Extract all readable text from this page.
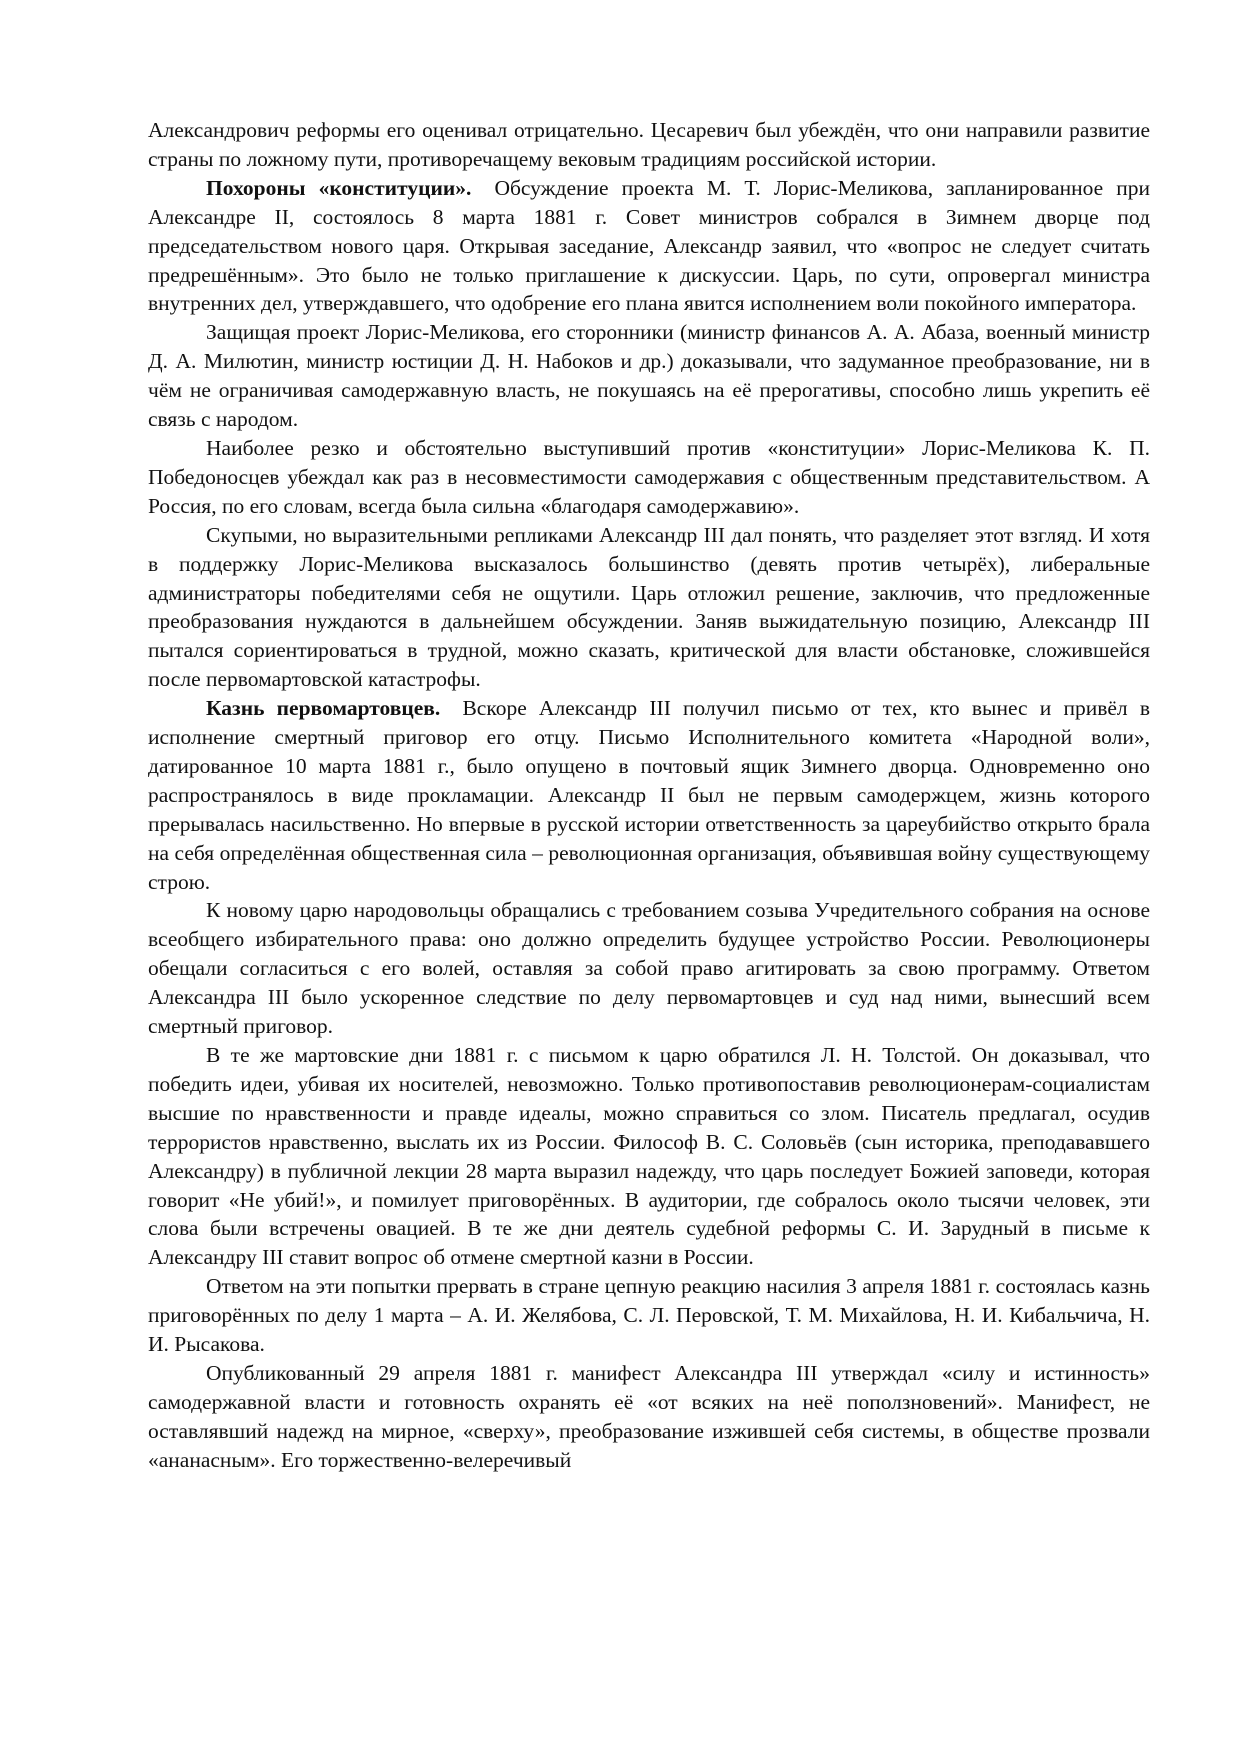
Александрович реформы его оценивал отрицательно. Цесаревич был убеждён, что они направили развитие страны по ложному пути, противоречащему вековым традициям российской истории.

Похороны «конституции». Обсуждение проекта М. Т. Лорис-Меликова, запланированное при Александре II, состоялось 8 марта 1881 г. Совет министров собрался в Зимнем дворце под председательством нового царя. Открывая заседание, Александр заявил, что «вопрос не следует считать предрешённым». Это было не только приглашение к дискуссии. Царь, по сути, опровергал министра внутренних дел, утверждавшего, что одобрение его плана явится исполнением воли покойного императора.

Защищая проект Лорис-Меликова, его сторонники (министр финансов А. А. Абаза, военный министр Д. А. Милютин, министр юстиции Д. Н. Набоков и др.) доказывали, что задуманное преобразование, ни в чём не ограничивая самодержавную власть, не покушаясь на её прерогативы, способно лишь укрепить её связь с народом.

Наиболее резко и обстоятельно выступивший против «конституции» Лорис-Меликова К. П. Победоносцев убеждал как раз в несовместимости самодержавия с общественным представительством. А Россия, по его словам, всегда была сильна «благодаря самодержавию».

Скупыми, но выразительными репликами Александр III дал понять, что разделяет этот взгляд. И хотя в поддержку Лорис-Меликова высказалось большинство (девять против четырёх), либеральные администраторы победителями себя не ощутили. Царь отложил решение, заключив, что предложенные преобразования нуждаются в дальнейшем обсуждении. Заняв выжидательную позицию, Александр III пытался сориентироваться в трудной, можно сказать, критической для власти обстановке, сложившейся после первомартовской катастрофы.

Казнь первомартовцев. Вскоре Александр III получил письмо от тех, кто вынес и привёл в исполнение смертный приговор его отцу. Письмо Исполнительного комитета «Народной воли», датированное 10 марта 1881 г., было опущено в почтовый ящик Зимнего дворца. Одновременно оно распространялось в виде прокламации. Александр II был не первым самодержцем, жизнь которого прерывалась насильственно. Но впервые в русской истории ответственность за цареубийство открыто брала на себя определённая общественная сила – революционная организация, объявившая войну существующему строю.

К новому царю народовольцы обращались с требованием созыва Учредительного собрания на основе всеобщего избирательного права: оно должно определить будущее устройство России. Революционеры обещали согласиться с его волей, оставляя за собой право агитировать за свою программу. Ответом Александра III было ускоренное следствие по делу первомартовцев и суд над ними, вынесший всем смертный приговор.

В те же мартовские дни 1881 г. с письмом к царю обратился Л. Н. Толстой. Он доказывал, что победить идеи, убивая их носителей, невозможно. Только противопоставив революционерам-социалистам высшие по нравственности и правде идеалы, можно справиться со злом. Писатель предлагал, осудив террористов нравственно, выслать их из России. Философ В. С. Соловьёв (сын историка, преподававшего Александру) в публичной лекции 28 марта выразил надежду, что царь последует Божией заповеди, которая говорит «Не убий!», и помилует приговорённых. В аудитории, где собралось около тысячи человек, эти слова были встречены овацией. В те же дни деятель судебной реформы С. И. Зарудный в письме к Александру III ставит вопрос об отмене смертной казни в России.

Ответом на эти попытки прервать в стране цепную реакцию насилия 3 апреля 1881 г. состоялась казнь приговорённых по делу 1 марта – А. И. Желябова, С. Л. Перовской, Т. М. Михайлова, Н. И. Кибальчича, Н. И. Рысакова.

Опубликованный 29 апреля 1881 г. манифест Александра III утверждал «силу и истинность» самодержавной власти и готовность охранять её «от всяких на неё поползновений». Манифест, не оставлявший надежд на мирное, «сверху», преобразование изжившей себя системы, в обществе прозвали «ананасным». Его торжественно-велеречивый
